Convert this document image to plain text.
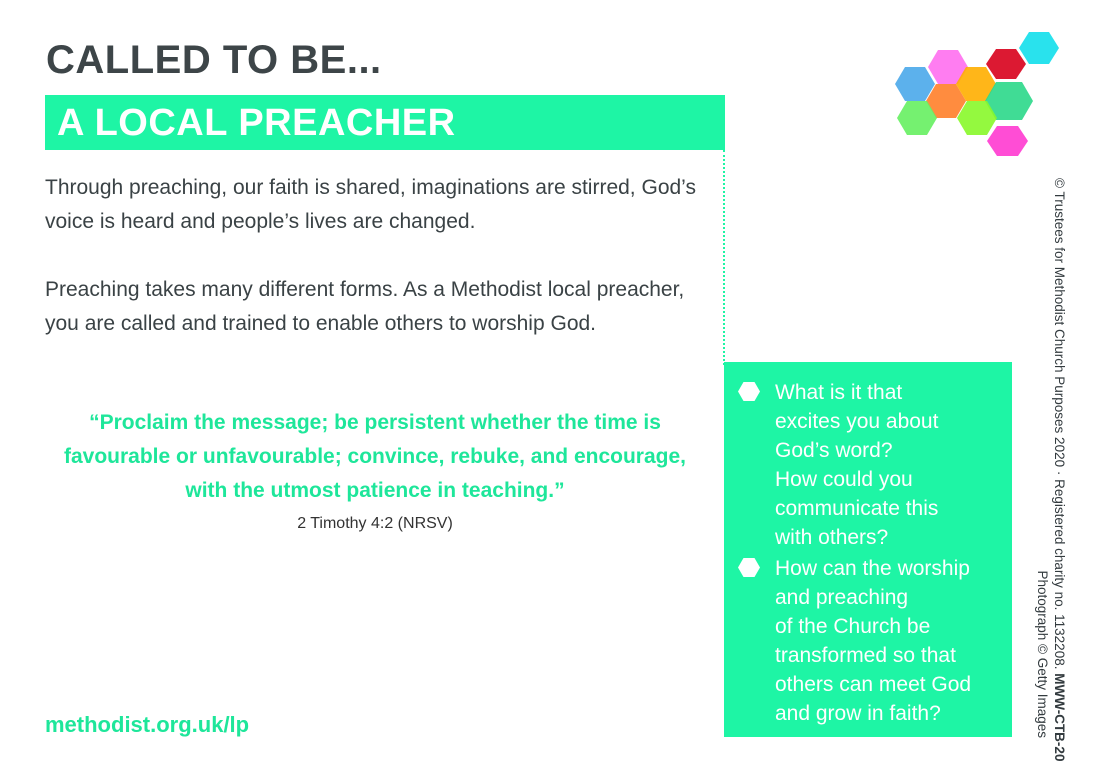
CALLED TO BE...
A LOCAL PREACHER

Through preaching, our faith is shared, imaginations are stirred, God’s voice is heard and people’s lives are changed.

Preaching takes many different forms. As a Methodist local preacher, you are called and trained to enable others to worship God.

“Proclaim the message; be persistent whether the time is favourable or unfavourable; convince, rebuke, and encourage, with the utmost patience in teaching.”

2 Timothy 4:2 (NRSV)
methodist.org.uk/lp
What is it that
excites you about
God’s word?
How could you
communicate this
with others?
How can the worship
and preaching
of the Church be
transformed so that
others can meet God
and grow in faith?
© Trustees for Methodist Church Purposes 2020 · Registered charity no. 1132208. MWW-CTB-20
Photograph © Getty Images
